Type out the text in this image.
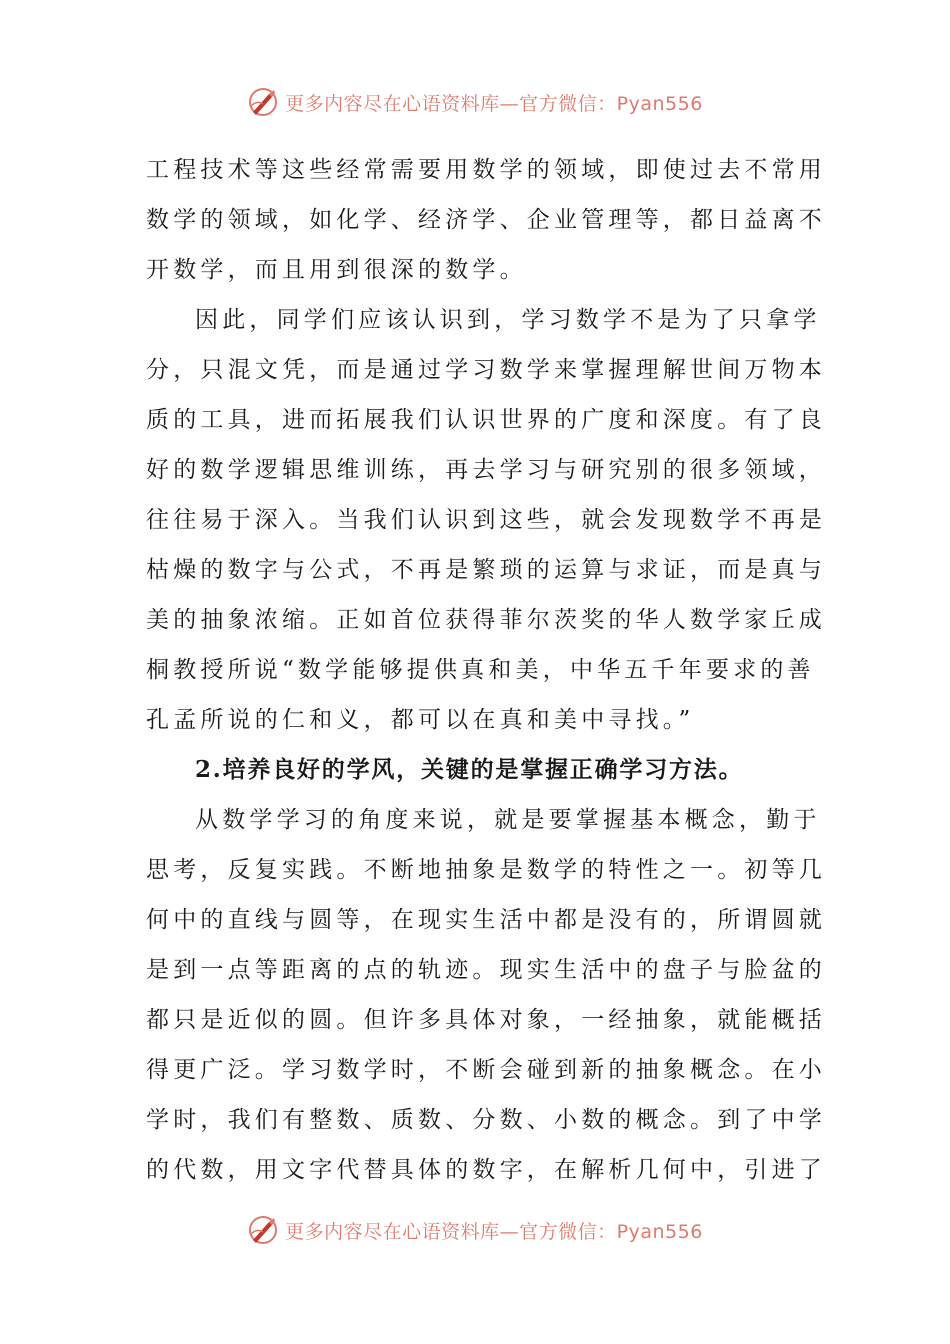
更多内容尽在心语资料库—官方微信：Pyan556
工程技术等这些经常需要用数学的领域，即使过去不常用
数学的领域，如化学、经济学、企业管理等，都日益离不
开数学，而且用到很深的数学。
因此，同学们应该认识到，学习数学不是为了只拿学
分，只混文凭，而是通过学习数学来掌握理解世间万物本
质的工具，进而拓展我们认识世界的广度和深度。有了良
好的数学逻辑思维训练，再去学习与研究别的很多领域，
往往易于深入。当我们认识到这些，就会发现数学不再是
枯燥的数字与公式，不再是繁琐的运算与求证，而是真与
美的抽象浓缩。正如首位获得菲尔茨奖的华人数学家丘成
桐教授所说“数学能够提供真和美，中华五千年要求的善
孔孟所说的仁和义，都可以在真和美中寻找。”
2.培养良好的学风，关键的是掌握正确学习方法。
从数学学习的角度来说，就是要掌握基本概念，勤于
思考，反复实践。不断地抽象是数学的特性之一。初等几
何中的直线与圆等，在现实生活中都是没有的，所谓圆就
是到一点等距离的点的轨迹。现实生活中的盘子与脸盆的
都只是近似的圆。但许多具体对象，一经抽象，就能概括
得更广泛。学习数学时，不断会碰到新的抽象概念。在小
学时，我们有整数、质数、分数、小数的概念。到了中学
的代数，用文字代替具体的数字，在解析几何中，引进了
更多内容尽在心语资料库—官方微信：Pyan556
